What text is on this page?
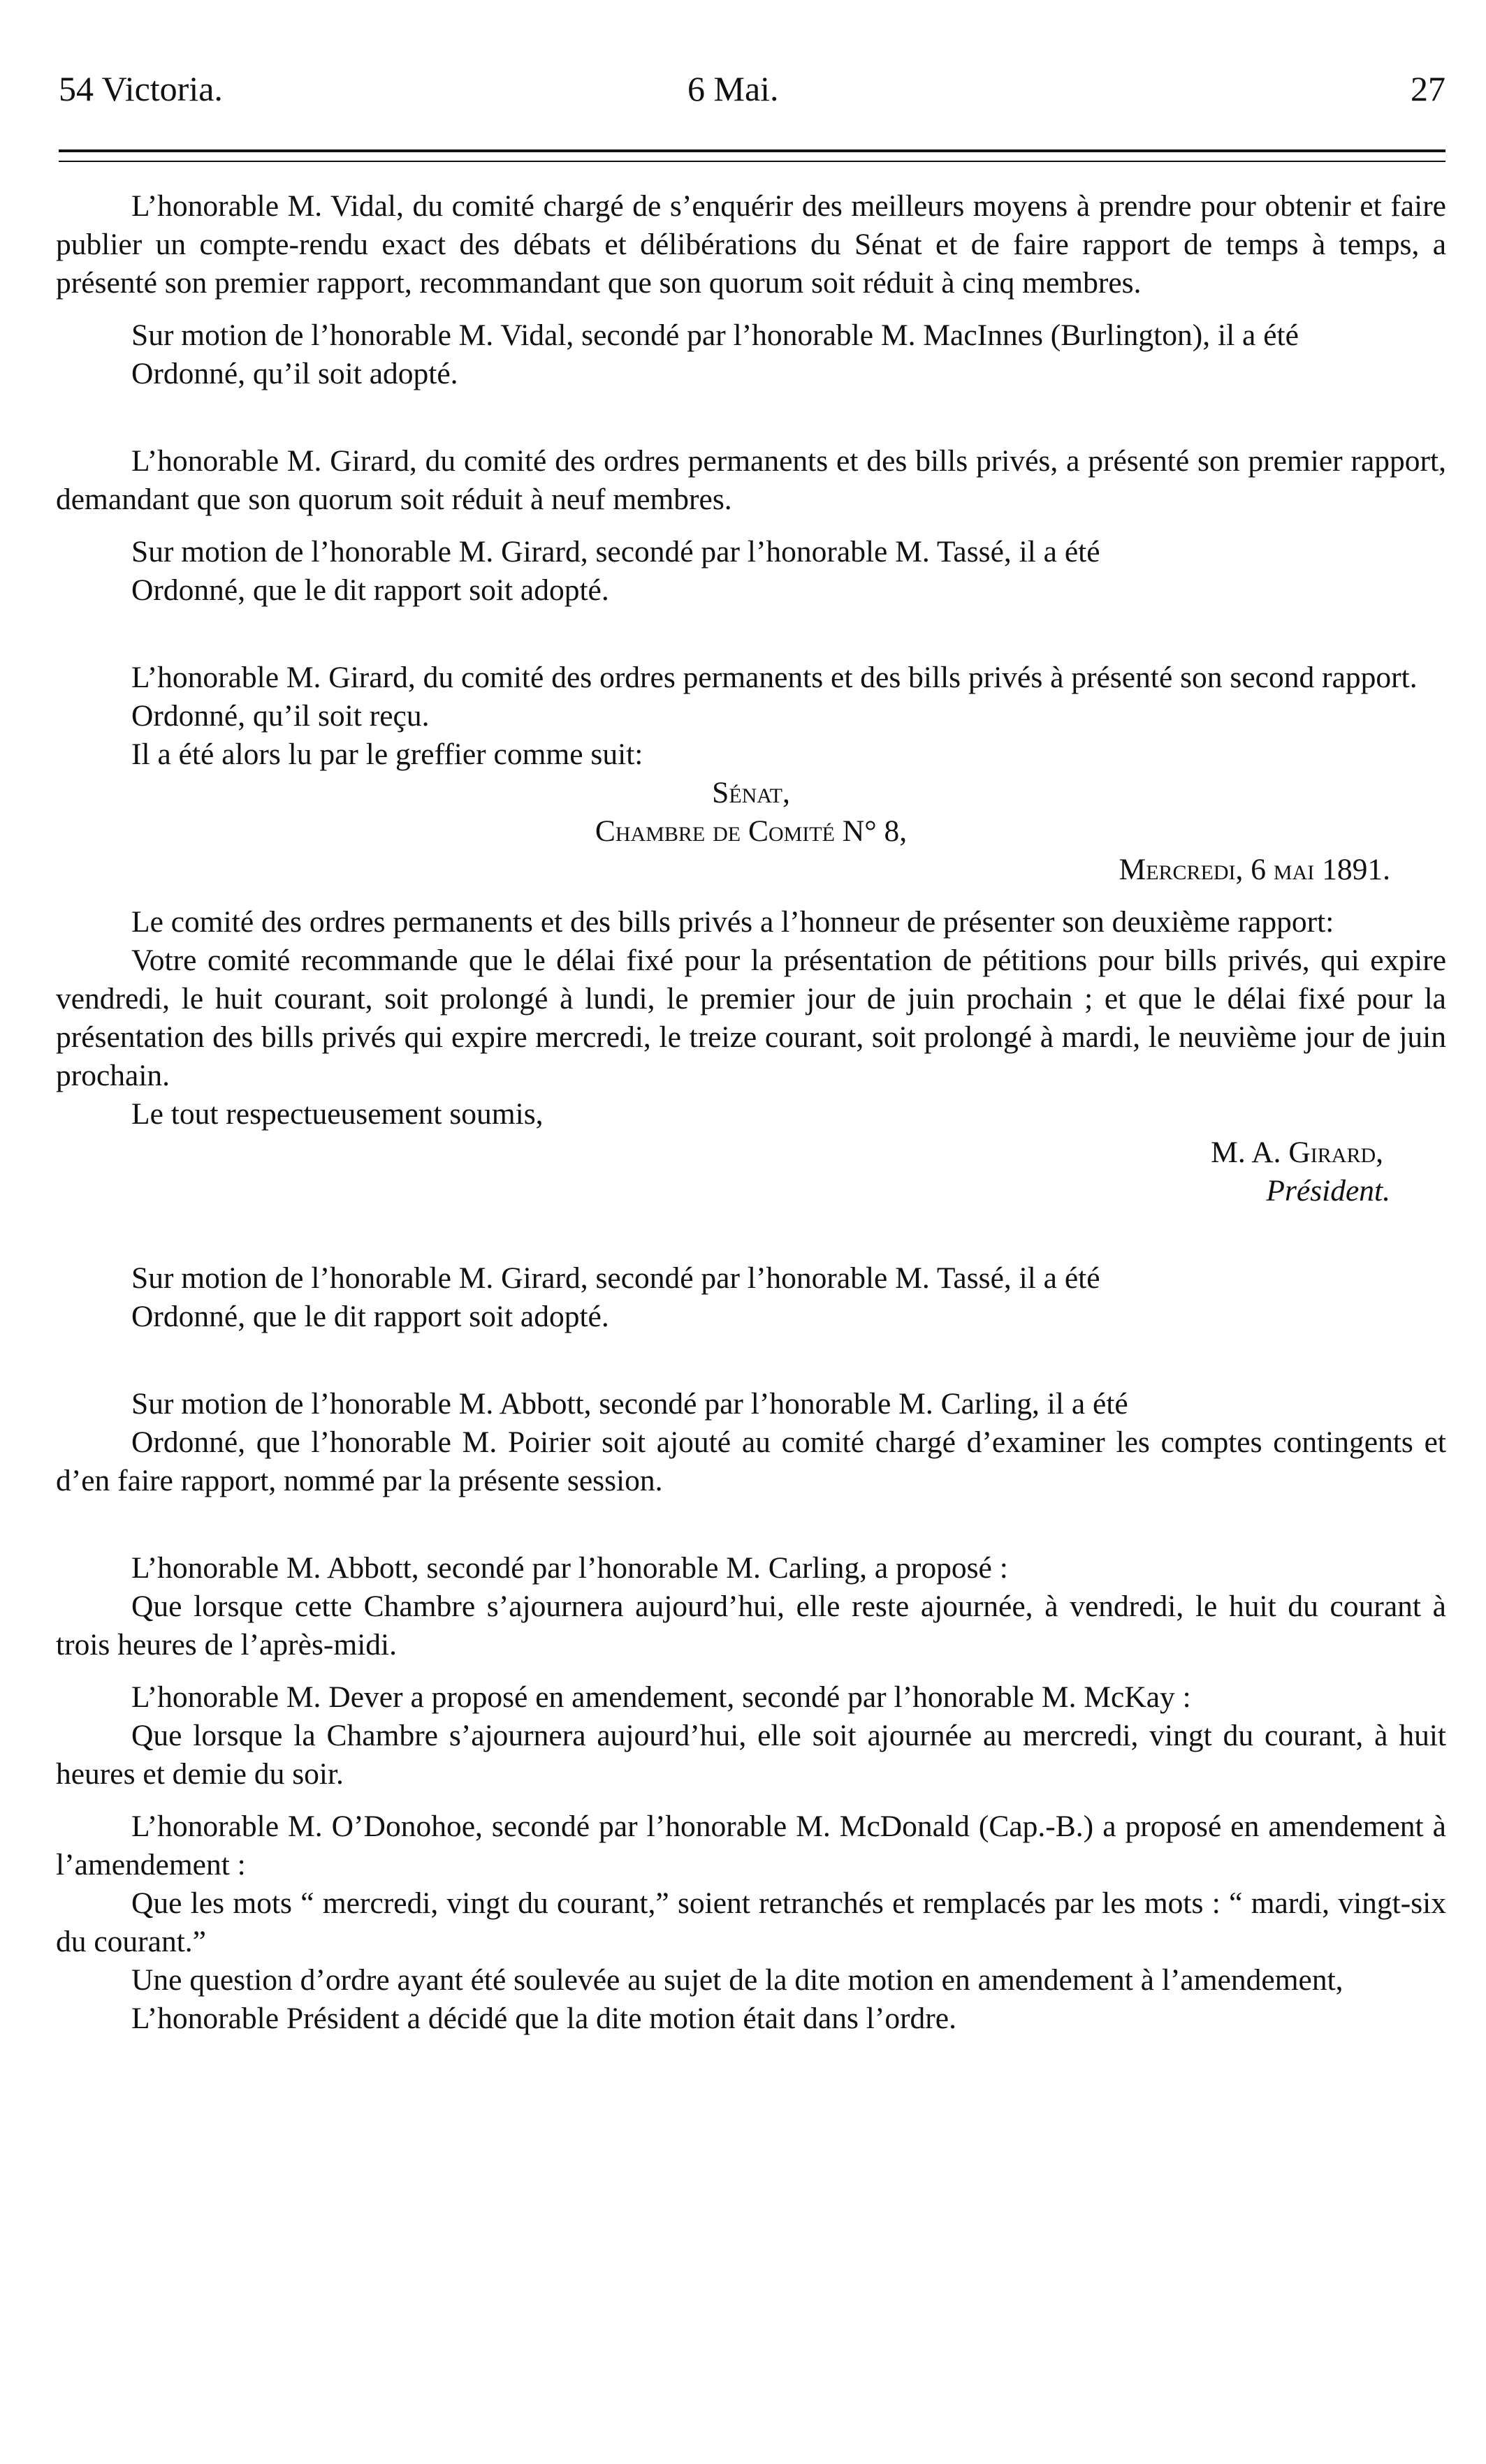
54 Victoria.	6 Mai.	27

L’honorable M. Vidal, du comité chargé de s’enquérir des meilleurs moyens à prendre pour obtenir et faire publier un compte-rendu exact des débats et délibérations du Sénat et de faire rapport de temps à temps, a présenté son premier rapport, recommandant que son quorum soit réduit à cinq membres.

Sur motion de l’honorable M. Vidal, secondé par l’honorable M. MacInnes (Burlington), il a été

Ordonné, qu’il soit adopté.

L’honorable M. Girard, du comité des ordres permanents et des bills privés, a présenté son premier rapport, demandant que son quorum soit réduit à neuf membres.

Sur motion de l’honorable M. Girard, secondé par l’honorable M. Tassé, il a été

Ordonné, que le dit rapport soit adopté.

L’honorable M. Girard, du comité des ordres permanents et des bills privés à présenté son second rapport.

Ordonné, qu’il soit reçu.

Il a été alors lu par le greffier comme suit:

Sénat,

Chambre de Comité N° 8,

Mercredi, 6 mai 1891.

Le comité des ordres permanents et des bills privés a l’honneur de présenter son deuxième rapport:

Votre comité recommande que le délai fixé pour la présentation de pétitions pour bills privés, qui expire vendredi, le huit courant, soit prolongé à lundi, le premier jour de juin prochain ; et que le délai fixé pour la présentation des bills privés qui expire mercredi, le treize courant, soit prolongé à mardi, le neuvième jour de juin prochain.

Le tout respectueusement soumis,

M. A. Girard,

Président.

Sur motion de l’honorable M. Girard, secondé par l’honorable M. Tassé, il a été

Ordonné, que le dit rapport soit adopté.

Sur motion de l’honorable M. Abbott, secondé par l’honorable M. Carling, il a été

Ordonné, que l’honorable M. Poirier soit ajouté au comité chargé d’examiner les comptes contingents et d’en faire rapport, nommé par la présente session.

L’honorable M. Abbott, secondé par l’honorable M. Carling, a proposé :

Que lorsque cette Chambre s’ajournera aujourd’hui, elle reste ajournée, à vendredi, le huit du courant à trois heures de l’après-midi.

L’honorable M. Dever a proposé en amendement, secondé par l’honorable M. McKay :

Que lorsque la Chambre s’ajournera aujourd’hui, elle soit ajournée au mercredi, vingt du courant, à huit heures et demie du soir.

L’honorable M. O’Donohoe, secondé par l’honorable M. McDonald (Cap.-B.) a proposé en amendement à l’amendement :

Que les mots “ mercredi, vingt du courant,” soient retranchés et remplacés par les mots : “ mardi, vingt-six du courant.”

Une question d’ordre ayant été soulevée au sujet de la dite motion en amendement à l’amendement,

L’honorable Président a décidé que la dite motion était dans l’ordre.
